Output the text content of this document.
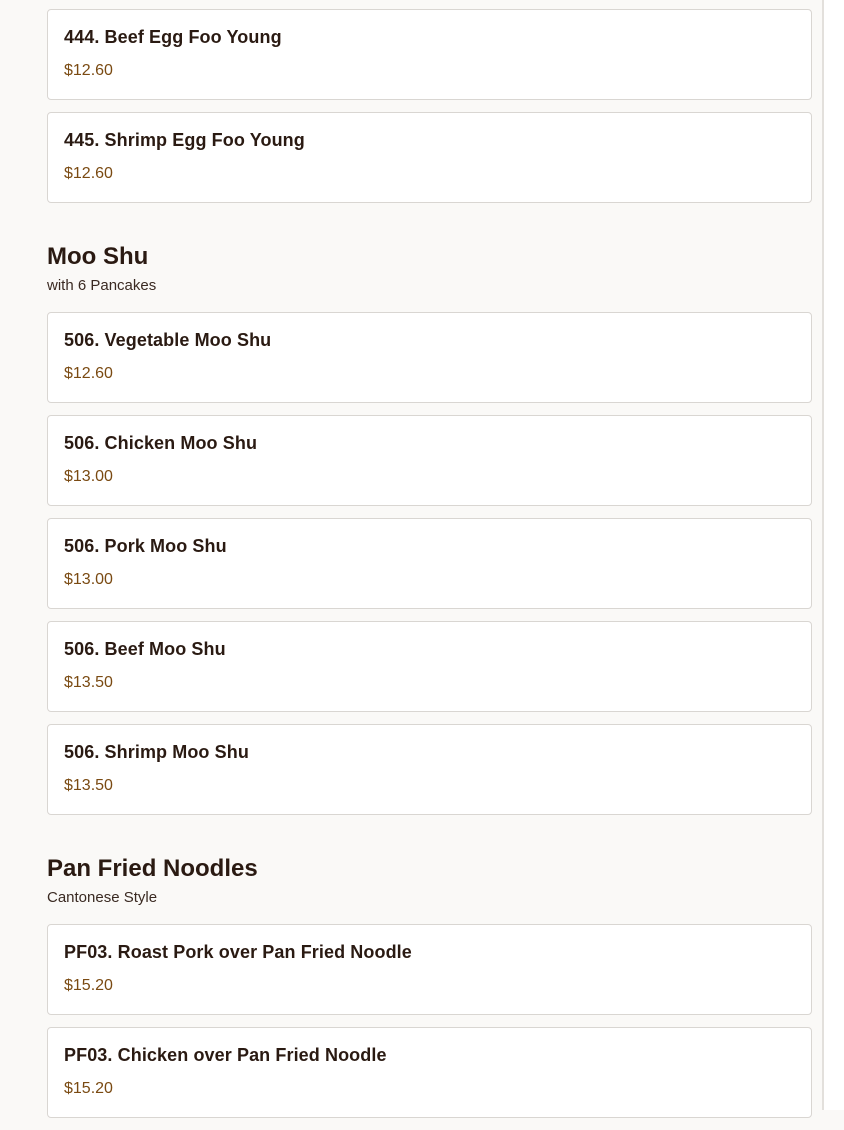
444. Beef Egg Foo Young
$12.60
445. Shrimp Egg Foo Young
$12.60
Moo Shu
with 6 Pancakes
506. Vegetable Moo Shu
$12.60
506. Chicken Moo Shu
$13.00
506. Pork Moo Shu
$13.00
506. Beef Moo Shu
$13.50
506. Shrimp Moo Shu
$13.50
Pan Fried Noodles
Cantonese Style
PF03. Roast Pork over Pan Fried Noodle
$15.20
PF03. Chicken over Pan Fried Noodle
$15.20
